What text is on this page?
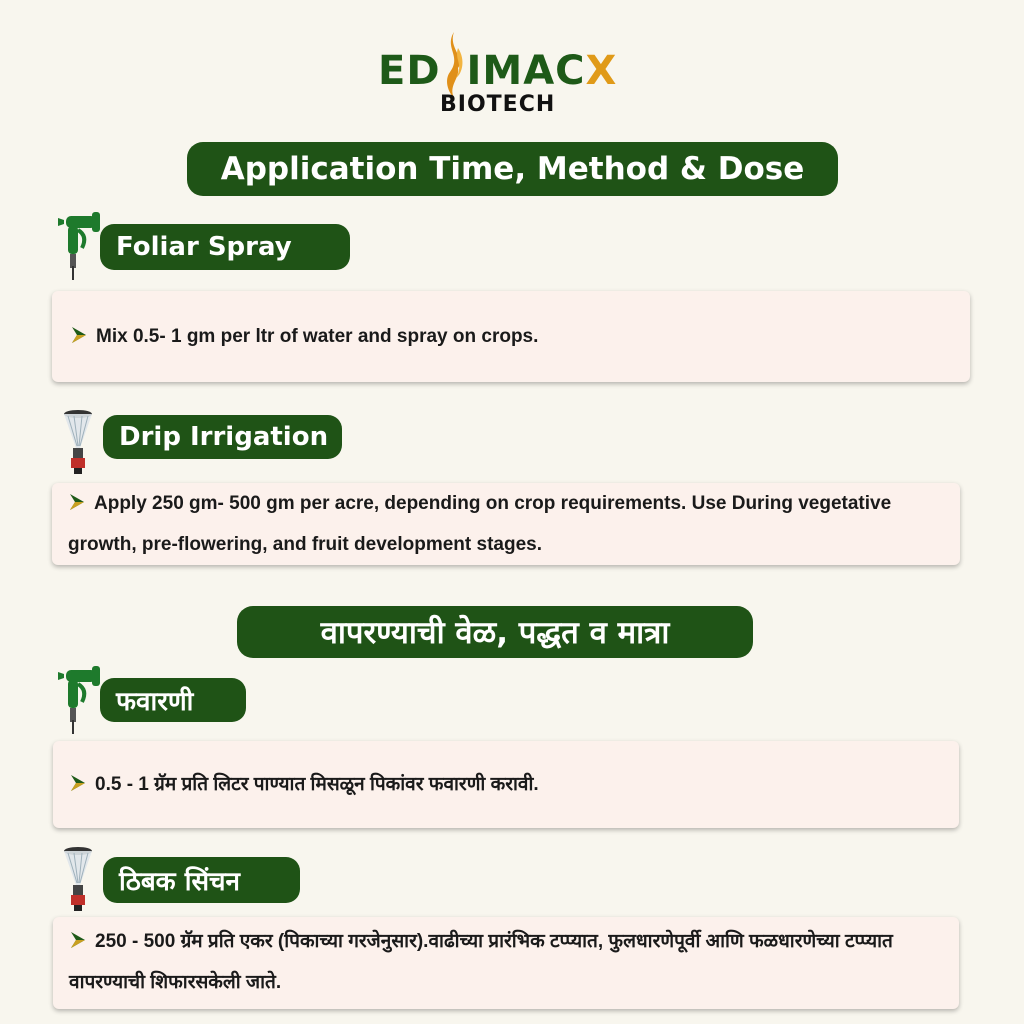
ED IMACX
BIOTECH
Application Time, Method & Dose
Foliar Spray
Mix 0.5- 1 gm per ltr of water and spray on crops.
Drip Irrigation
Apply 250 gm- 500 gm per acre, depending on crop requirements. Use During vegetative growth, pre-flowering, and fruit development stages.
वापरण्याची वेळ, पद्धत व मात्रा
फवारणी
0.5 - 1 ग्रॅम प्रति लिटर पाण्यात मिसळून पिकांवर फवारणी करावी.
ठिबक सिंचन
250 - 500 ग्रॅम प्रति एकर (पिकाच्या गरजेनुसार).वाढीच्या प्रारंभिक टप्प्यात, फुलधारणेपूर्वी आणि फळधारणेच्या टप्प्यात वापरण्याची शिफारसकेली जाते.
